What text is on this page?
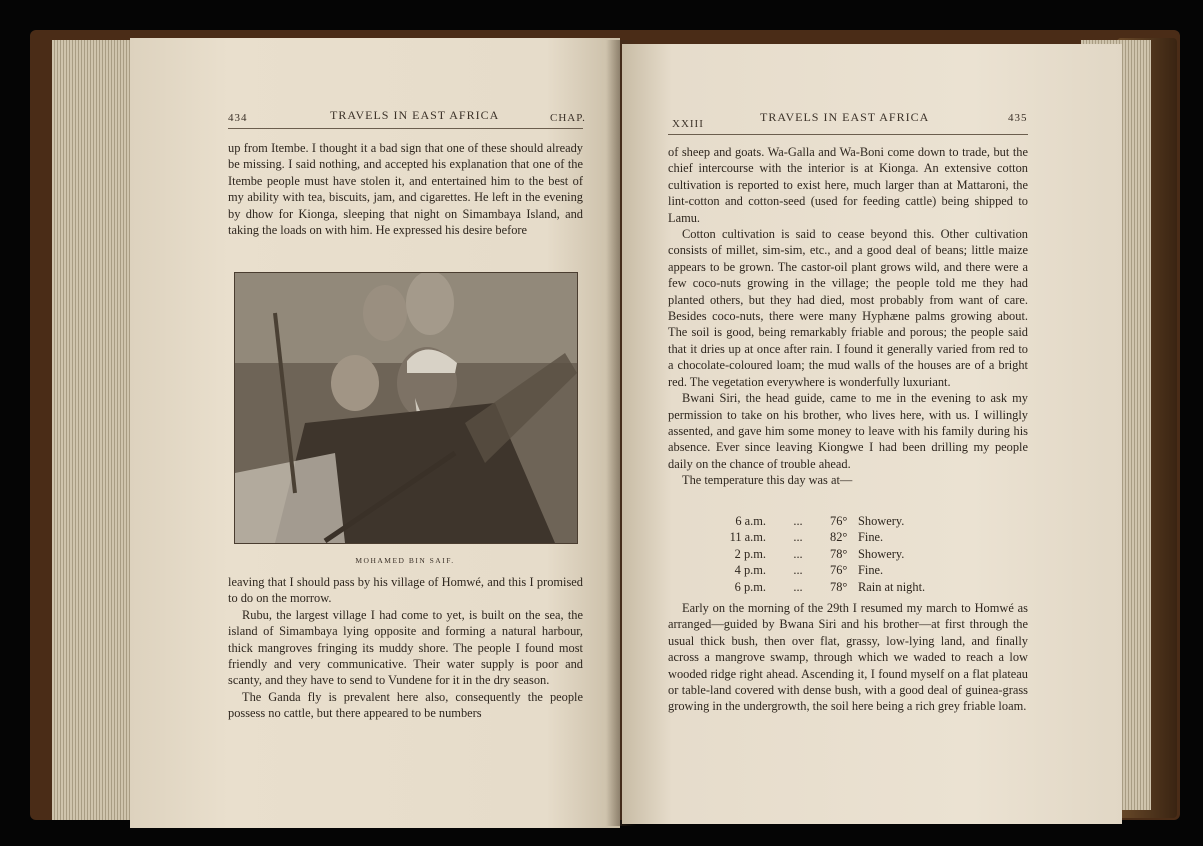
434	TRAVELS IN EAST AFRICA	CHAP.

up from Itembe. I thought it a bad sign that one of these should already be missing. I said nothing, and accepted his explanation that one of the Itembe people must have stolen it, and entertained him to the best of my ability with tea, biscuits, jam, and cigarettes. He left in the evening by dhow for Kionga, sleeping that night on Simambaya Island, and taking the loads on with him. He expressed his desire before

MOHAMED BIN SAIF.

leaving that I should pass by his village of Homwé, and this I promised to do on the morrow.

Rubu, the largest village I had come to yet, is built on the sea, the island of Simambaya lying opposite and forming a natural harbour, thick mangroves fringing its muddy shore. The people I found most friendly and very communicative. Their water supply is poor and scanty, and they have to send to Vundene for it in the dry season.

The Ganda fly is prevalent here also, consequently the people possess no cattle, but there appeared to be numbers

XXIII	TRAVELS IN EAST AFRICA	435

of sheep and goats. Wa-Galla and Wa-Boni come down to trade, but the chief intercourse with the interior is at Kionga. An extensive cotton cultivation is reported to exist here, much larger than at Mattaroni, the lint-cotton and cotton-seed (used for feeding cattle) being shipped to Lamu.

Cotton cultivation is said to cease beyond this. Other cultivation consists of millet, sim-sim, etc., and a good deal of beans; little maize appears to be grown. The castor-oil plant grows wild, and there were a few coco-nuts growing in the village; the people told me they had planted others, but they had died, most probably from want of care. Besides coco-nuts, there were many Hyphæne palms growing about. The soil is good, being remarkably friable and porous; the people said that it dries up at once after rain. I found it generally varied from red to a chocolate-coloured loam; the mud walls of the houses are of a bright red. The vegetation everywhere is wonderfully luxuriant.

Bwani Siri, the head guide, came to me in the evening to ask my permission to take on his brother, who lives here, with us. I willingly assented, and gave him some money to leave with his family during his absence. Ever since leaving Kiongwe I had been drilling my people daily on the chance of trouble ahead.

The temperature this day was at—

6 a.m.	...	76° Showery.
11 a.m.	...	82° Fine.
2 p.m.	...	78° Showery.
4 p.m.	...	76° Fine.
6 p.m.	...	78° Rain at night.

Early on the morning of the 29th I resumed my march to Homwé as arranged—guided by Bwana Siri and his brother—at first through the usual thick bush, then over flat, grassy, low-lying land, and finally across a mangrove swamp, through which we waded to reach a low wooded ridge right ahead. Ascending it, I found myself on a flat plateau or table-land covered with dense bush, with a good deal of guinea-grass growing in the undergrowth, the soil here being a rich grey friable loam.
